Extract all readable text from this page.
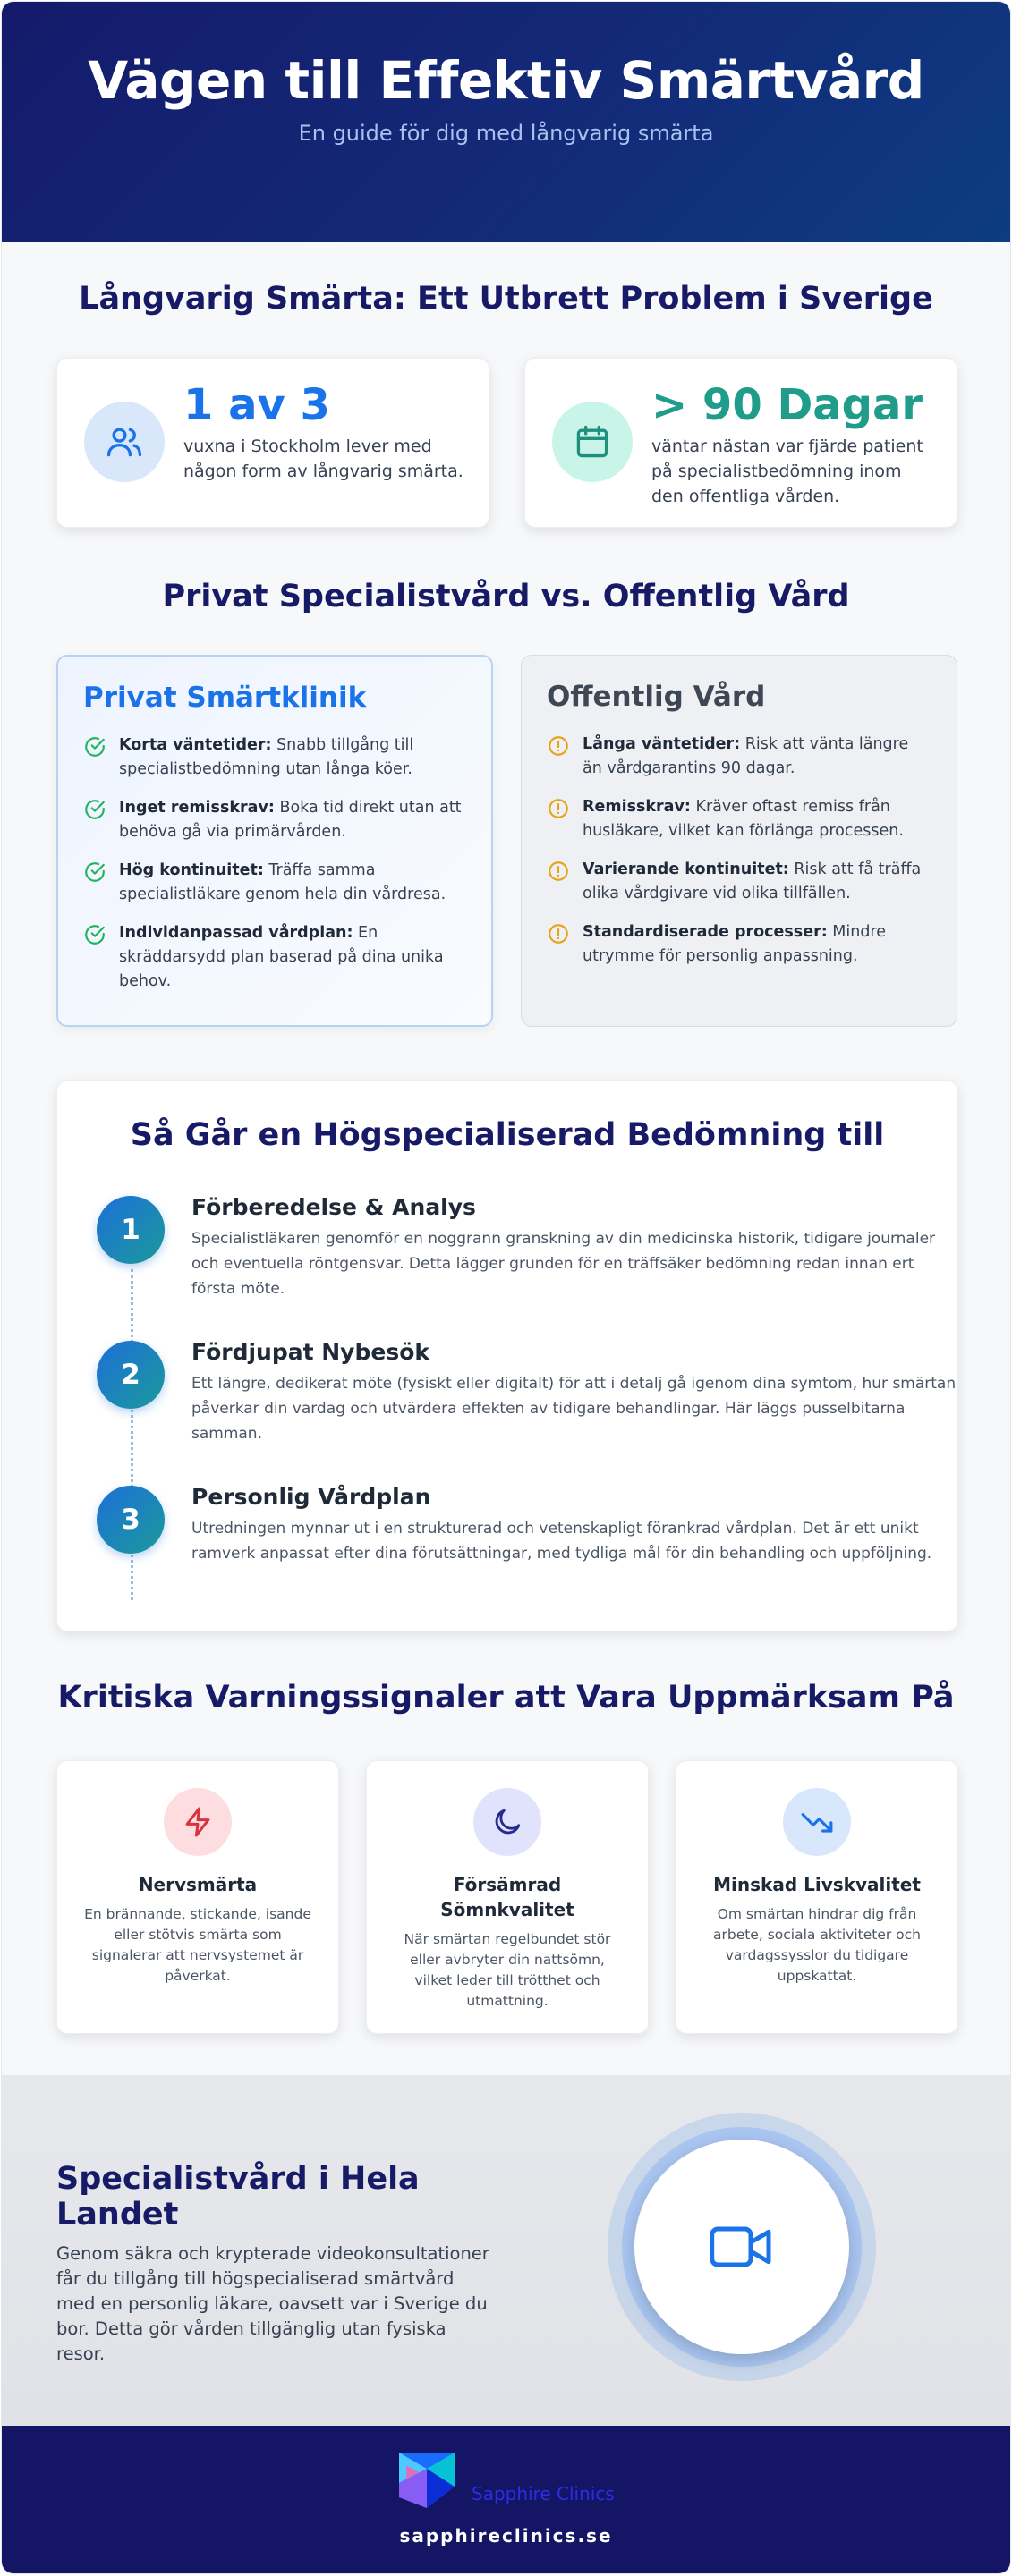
Vägen till Effektiv Smärtvård

En guide för dig med långvarig smärta

Långvarig Smärta: Ett Utbrett Problem i Sverige
1 av 3
vuxna i Stockholm lever med någon form av långvarig smärta.
> 90 Dagar
väntar nästan var fjärde patient på specialistbedömning inom den offentliga vården.
Privat Specialistvård vs. Offentlig Vård
Privat Smärtklinik
Korta väntetider: Snabb tillgång till specialistbedömning utan långa köer.
Inget remisskrav: Boka tid direkt utan att behöva gå via primärvården.
Hög kontinuitet: Träffa samma specialistläkare genom hela din vårdresa.
Individanpassad vårdplan: En skräddarsydd plan baserad på dina unika behov.
Offentlig Vård
Långa väntetider: Risk att vänta längre än vårdgarantins 90 dagar.
Remisskrav: Kräver oftast remiss från husläkare, vilket kan förlänga processen.
Varierande kontinuitet: Risk att få träffa olika vårdgivare vid olika tillfällen.
Standardiserade processer: Mindre utrymme för personlig anpassning.
Så Går en Högspecialiserad Bedömning till
1
Förberedelse & Analys
Specialistläkaren genomför en noggrann granskning av din medicinska historik, tidigare journaler och eventuella röntgensvar. Detta lägger grunden för en träffsäker bedömning redan innan ert första möte.
2
Fördjupat Nybesök
Ett längre, dedikerat möte (fysiskt eller digitalt) för att i detalj gå igenom dina symtom, hur smärtan påverkar din vardag och utvärdera effekten av tidigare behandlingar. Här läggs pusselbitarna samman.
3
Personlig Vårdplan
Utredningen mynnar ut i en strukturerad och vetenskapligt förankrad vårdplan. Det är ett unikt ramverk anpassat efter dina förutsättningar, med tydliga mål för din behandling och uppföljning.
Kritiska Varningssignaler att Vara Uppmärksam På
Nervsmärta
En brännande, stickande, isande eller stötvis smärta som signalerar att nervsystemet är påverkat.
Försämrad Sömnkvalitet
När smärtan regelbundet stör eller avbryter din nattsömn, vilket leder till trötthet och utmattning.
Minskad Livskvalitet
Om smärtan hindrar dig från arbete, sociala aktiviteter och vardagssysslor du tidigare uppskattat.
Specialistvård i Hela Landet

Genom säkra och krypterade videokonsultationer får du tillgång till högspecialiserad smärtvård med en personlig läkare, oavsett var i Sverige du bor. Detta gör vården tillgänglig utan fysiska resor.

Sapphire Clinics
sapphireclinics.se
